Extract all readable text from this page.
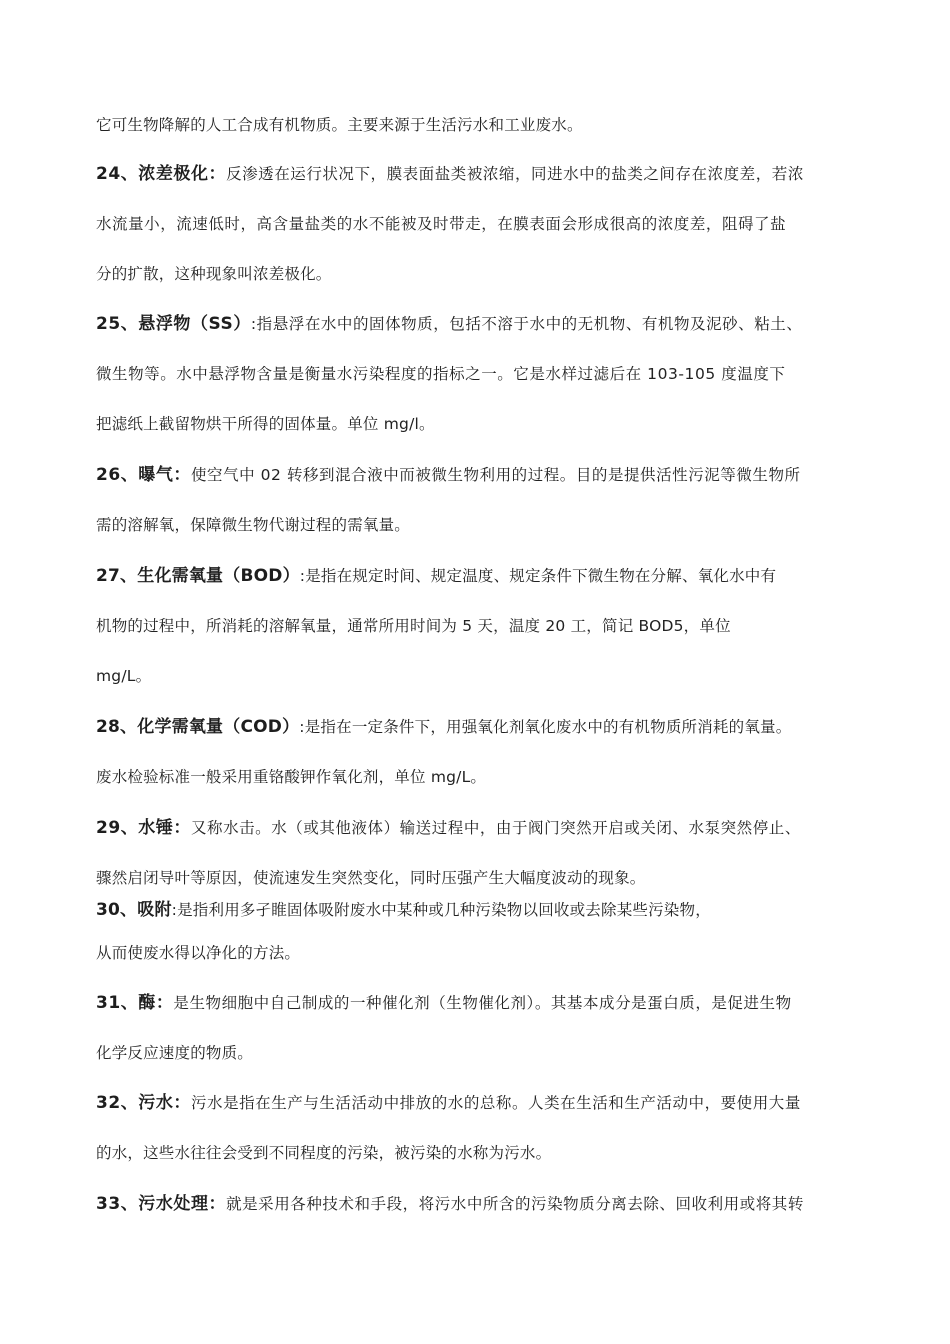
它可生物降解的人工合成有机物质。主要来源于生活污水和工业废水。
24、浓差极化：反渗透在运行状况下，膜表面盐类被浓缩，同进水中的盐类之间存在浓度差，若浓
水流量小，流速低时，高含量盐类的水不能被及时带走，在膜表面会形成很高的浓度差，阻碍了盐
分的扩散，这种现象叫浓差极化。
25、悬浮物（SS）:指悬浮在水中的固体物质，包括不溶于水中的无机物、有机物及泥砂、粘土、
微生物等。水中悬浮物含量是衡量水污染程度的指标之一。它是水样过滤后在 103-105 度温度下
把滤纸上截留物烘干所得的固体量。单位 mg/l。
26、曝气：使空气中 02 转移到混合液中而被微生物利用的过程。目的是提供活性污泥等微生物所
需的溶解氧，保障微生物代谢过程的需氧量。
27、生化需氧量（BOD）:是指在规定时间、规定温度、规定条件下微生物在分解、氧化水中有
机物的过程中，所消耗的溶解氧量，通常所用时间为 5 天，温度 20 工，简记 BOD5，单位
mg/L。
28、化学需氧量（COD）:是指在一定条件下，用强氧化剂氧化废水中的有机物质所消耗的氧量。
废水检验标准一般采用重铬酸钾作氧化剂，单位 mg/L。
29、水锤：又称水击。水（或其他液体）输送过程中，由于阀门突然开启或关闭、水泵突然停止、
骤然启闭导叶等原因，使流速发生突然变化，同时压强产生大幅度波动的现象。
30、吸附:是指利用多孑睢固体吸附废水中某种或几种污染物以回收或去除某些污染物，
从而使废水得以净化的方法。
31、酶：是生物细胞中自己制成的一种催化剂（生物催化剂）。其基本成分是蛋白质，是促进生物
化学反应速度的物质。
32、污水：污水是指在生产与生活活动中排放的水的总称。人类在生活和生产活动中，要使用大量
的水，这些水往往会受到不同程度的污染，被污染的水称为污水。
33、污水处理：就是采用各种技术和手段，将污水中所含的污染物质分离去除、回收利用或将其转
